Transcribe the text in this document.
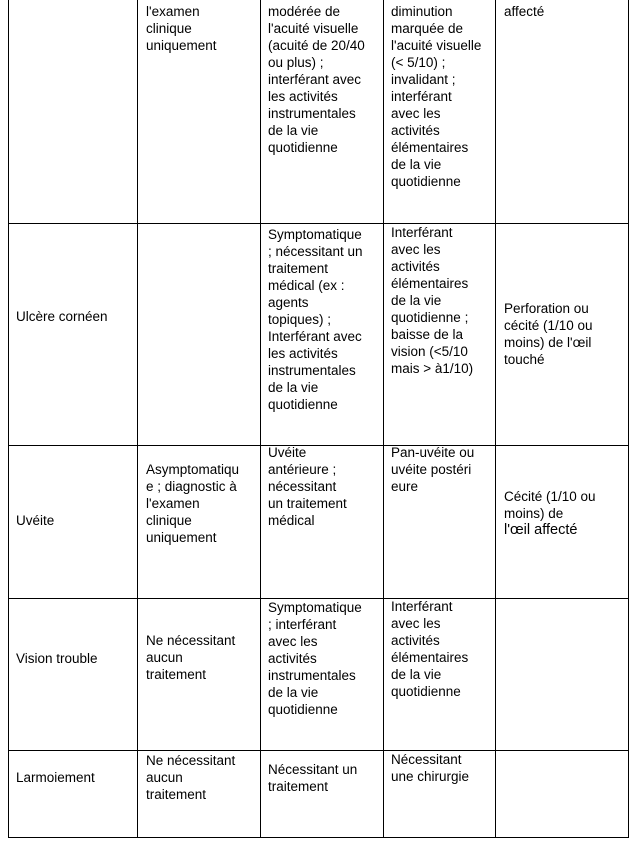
l'examen
clinique
uniquement
modérée de
l'acuité visuelle
(acuité de 20/40
ou plus) ;
interférant avec
les activités
instrumentales
de la vie
quotidienne
diminution
marquée de
l'acuité visuelle
(< 5/10) ;
invalidant ;
interférant
avec les
activités
élémentaires
de la vie
quotidienne
affecté
Ulcère cornéen
Symptomatique
; nécessitant un
traitement
médical (ex :
agents
topiques) ;
Interférant avec
les activités
instrumentales
de la vie
quotidienne
Interférant
avec les
activités
élémentaires
de la vie
quotidienne ;
baisse de la
vision (<5/10
mais > à1/10)
Perforation ou
cécité (1/10 ou
moins) de l'œil
touché
Uvéite
Asymptomatiqu
e ; diagnostic à
l'examen
clinique
uniquement
Uvéite
antérieure ;
nécessitant
un traitement
médical
Pan-uvéite ou
uvéite postéri
eure
Cécité (1/10 ou
moins) de
l'œil affecté
Vision trouble
Ne nécessitant
aucun
traitement
Symptomatique
; interférant
avec les
activités
instrumentales
de la vie
quotidienne
Interférant
avec les
activités
élémentaires
de la vie
quotidienne
Larmoiement
Ne nécessitant
aucun
traitement
Nécessitant un
traitement
Nécessitant
une chirurgie
